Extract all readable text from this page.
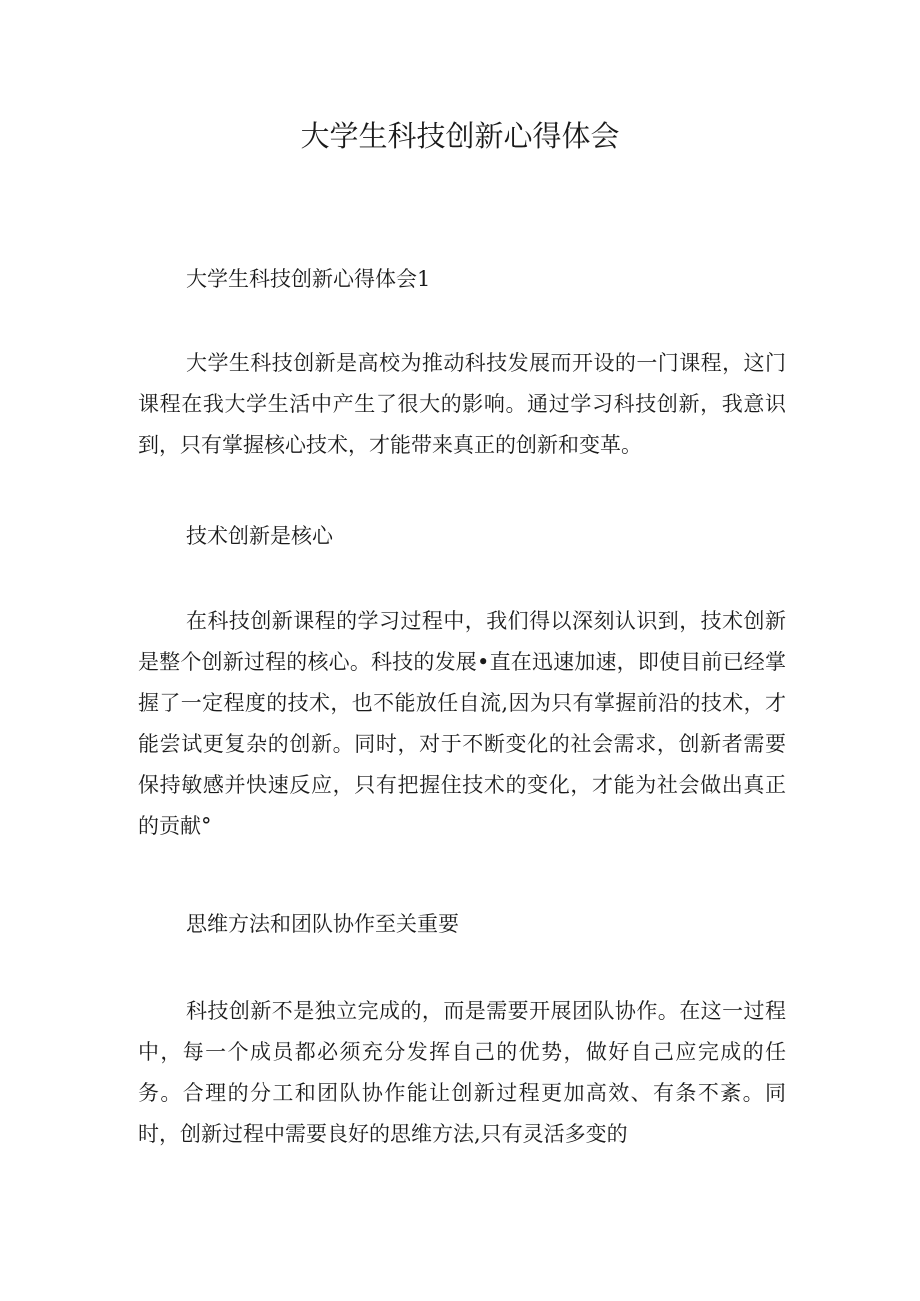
大学生科技创新心得体会

大学生科技创新心得体会1

大学生科技创新是高校为推动科技发展而开设的一门课程，这门课程在我大学生活中产生了很大的影响。通过学习科技创新，我意识到，只有掌握核心技术，才能带来真正的创新和变革。

技术创新是核心

在科技创新课程的学习过程中，我们得以深刻认识到，技术创新是整个创新过程的核心。科技的发展•直在迅速加速，即使目前已经掌握了一定程度的技术，也不能放任自流,因为只有掌握前沿的技术，才能尝试更复杂的创新。同时，对于不断变化的社会需求，创新者需要保持敏感并快速反应，只有把握住技术的变化，才能为社会做出真正的贡献°

思维方法和团队协作至关重要

科技创新不是独立完成的，而是需要开展团队协作。在这一过程中，每一个成员都必须充分发挥自己的优势，做好自己应完成的任务。合理的分工和团队协作能让创新过程更加高效、有条不紊。同时，创新过程中需要良好的思维方法,只有灵活多变的
